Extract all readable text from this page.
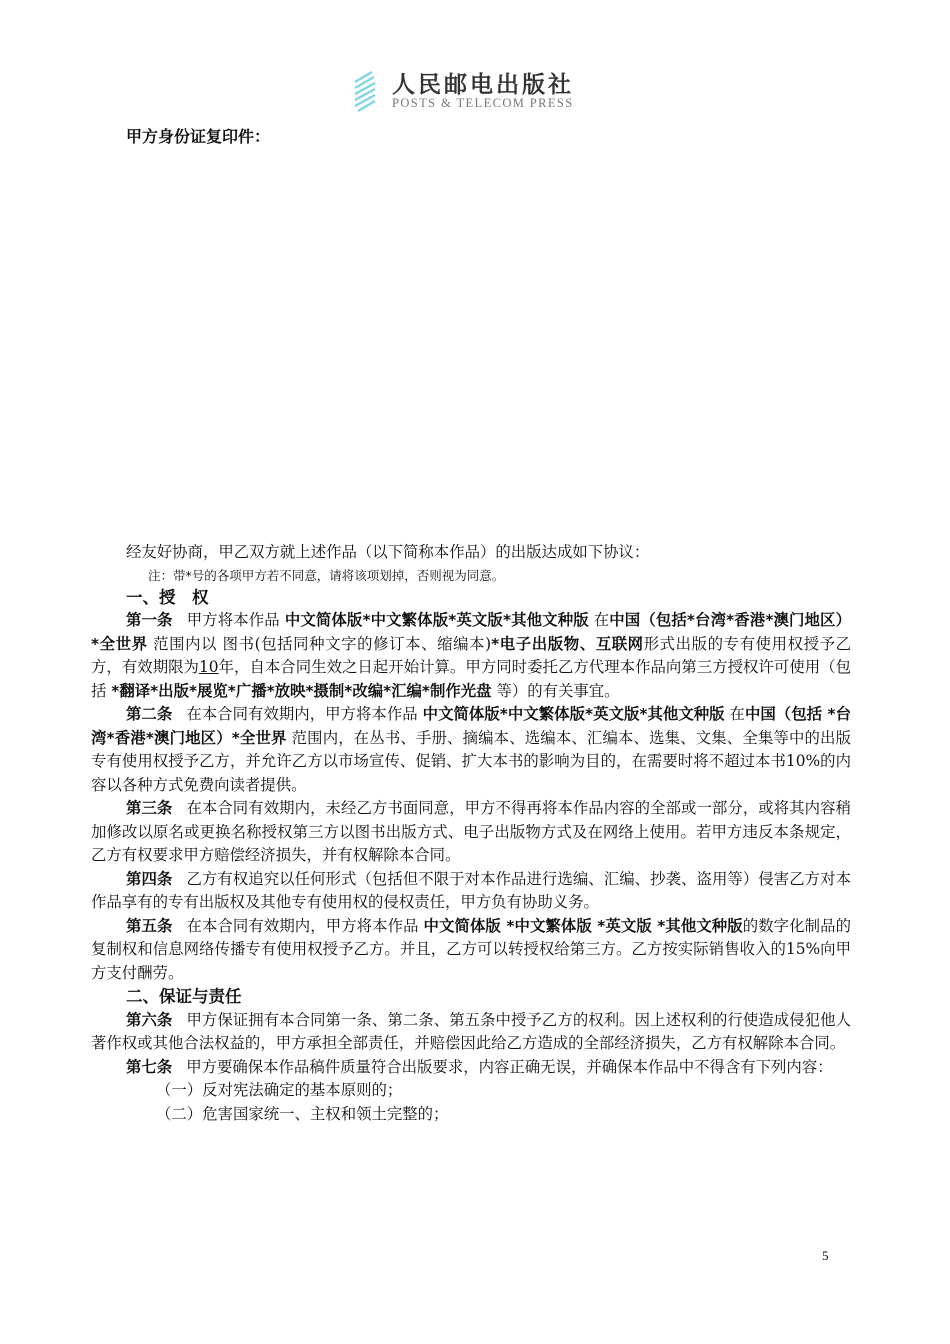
人民邮电出版社
POSTS & TELECOM PRESS
甲方身份证复印件：

经友好协商，甲乙双方就上述作品（以下简称本作品）的出版达成如下协议：

注：带*号的各项甲方若不同意，请将该项划掉，否则视为同意。

一、授　权

第一条 甲方将本作品 中文简体版*中文繁体版*英文版*其他文种版 在中国（包括*台湾*香港*澳门地区）*全世界 范围内以 图书(包括同种文字的修订本、缩编本)*电子出版物、互联网形式出版的专有使用权授予乙方，有效期限为10年，自本合同生效之日起开始计算。甲方同时委托乙方代理本作品向第三方授权许可使用（包括 *翻译*出版*展览*广播*放映*摄制*改编*汇编*制作光盘 等）的有关事宜。

第二条 在本合同有效期内，甲方将本作品 中文简体版*中文繁体版*英文版*其他文种版 在中国（包括 *台湾*香港*澳门地区）*全世界 范围内，在丛书、手册、摘编本、选编本、汇编本、选集、文集、全集等中的出版专有使用权授予乙方，并允许乙方以市场宣传、促销、扩大本书的影响为目的，在需要时将不超过本书10%的内容以各种方式免费向读者提供。

第三条 在本合同有效期内，未经乙方书面同意，甲方不得再将本作品内容的全部或一部分，或将其内容稍加修改以原名或更换名称授权第三方以图书出版方式、电子出版物方式及在网络上使用。若甲方违反本条规定，乙方有权要求甲方赔偿经济损失，并有权解除本合同。

第四条 乙方有权追究以任何形式（包括但不限于对本作品进行选编、汇编、抄袭、盗用等）侵害乙方对本作品享有的专有出版权及其他专有使用权的侵权责任，甲方负有协助义务。

第五条 在本合同有效期内，甲方将本作品 中文简体版 *中文繁体版 *英文版 *其他文种版的数字化制品的复制权和信息网络传播专有使用权授予乙方。并且，乙方可以转授权给第三方。乙方按实际销售收入的15%向甲方支付酬劳。

二、保证与责任

第六条 甲方保证拥有本合同第一条、第二条、第五条中授予乙方的权利。因上述权利的行使造成侵犯他人著作权或其他合法权益的，甲方承担全部责任，并赔偿因此给乙方造成的全部经济损失，乙方有权解除本合同。

第七条 甲方要确保本作品稿件质量符合出版要求，内容正确无误，并确保本作品中不得含有下列内容：

（一）反对宪法确定的基本原则的；

（二）危害国家统一、主权和领土完整的；

5
